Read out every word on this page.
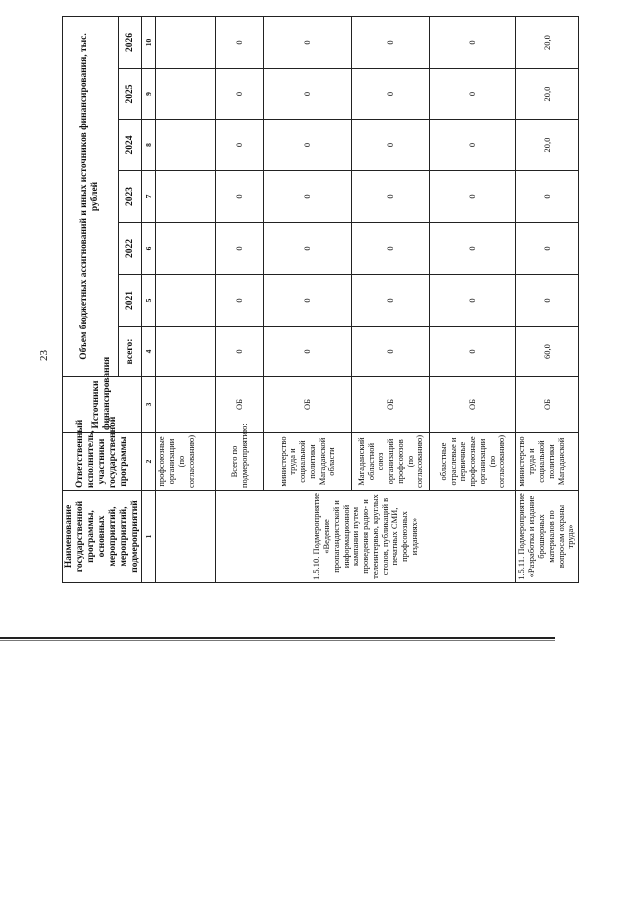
23
Наименование государственной программы, основных мероприятий, мероприятий, подмероприятий	Ответственный исполнитель, участники государственной программы	Источники финансирования	Объем бюджетных ассигнований и иных источников финансирования, тыс. рублей						
			всего:	2021	2022	2023	2024	2025	2026
1	2	3	4	5	6	7	8	9	10
	профсоюзные организации (по согласованию)								
1.5.10. Подмероприятие «Ведение пропагандистской и информационной кампании путем проведения радио- и телеинтервью, круглых столов, публикаций в печатных СМИ, профсоюзных изданиях»	Всего по подмероприятию:	ОБ	0	0	0	0	0	0	0
	министерство труда и социальной политики Магаданской области	ОБ	0	0	0	0	0	0	0
	Магаданский областной союз организаций профсоюзов (по согласованию)	ОБ	0	0	0	0	0	0	0
	областные отраслевые и первичные профсоюзные организации (по согласованию)	ОБ	0	0	0	0	0	0	0
1.5.11. Подмероприятие «Разработка и издание брошюрных материалов по вопросам охраны труда»	министерство труда и социальной политики Магаданской	ОБ	60,0	0	0	0	20,0	20,0	20,0
